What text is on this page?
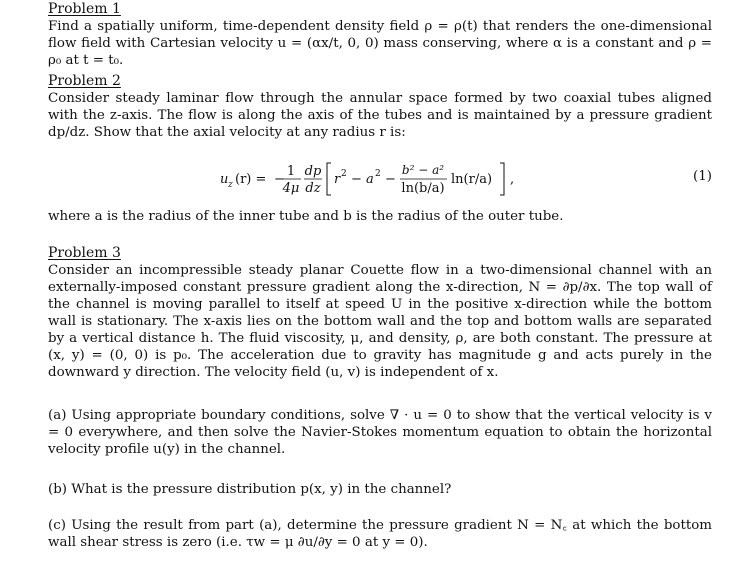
Problem 1

Find a spatially uniform, time-dependent density field ρ = ρ(t) that renders the one-dimensional flow field with Cartesian velocity u = (αx/t, 0, 0) mass conserving, where α is a constant and ρ = ρ₀ at t = t₀.

Problem 2

Consider steady laminar flow through the annular space formed by two coaxial tubes aligned with the z-axis. The flow is along the axis of the tubes and is maintained by a pressure gradient dp/dz. Show that the axial velocity at any radius r is:

u z (r) = −
1
4μ
dp
dz
r 2 − a 2 −
b² − a²
ln(b/a)
ln(r/a) ,	(1)

where a is the radius of the inner tube and b is the radius of the outer tube.

Problem 3

Consider an incompressible steady planar Couette flow in a two-dimensional channel with an externally-imposed constant pressure gradient along the x-direction, N = ∂p/∂x. The top wall of the channel is moving parallel to itself at speed U in the positive x-direction while the bottom wall is stationary. The x-axis lies on the bottom wall and the top and bottom walls are separated by a vertical distance h. The fluid viscosity, μ, and density, ρ, are both constant. The pressure at (x, y) = (0, 0) is p₀. The acceleration due to gravity has magnitude g and acts purely in the downward y direction. The velocity field (u, v) is independent of x.

(a) Using appropriate boundary conditions, solve ∇ · u = 0 to show that the vertical velocity is v = 0 everywhere, and then solve the Navier-Stokes momentum equation to obtain the horizontal velocity profile u(y) in the channel.

(b) What is the pressure distribution p(x, y) in the channel?

(c) Using the result from part (a), determine the pressure gradient N = N꜀ at which the bottom wall shear stress is zero (i.e. τw = μ ∂u/∂y = 0 at y = 0).
